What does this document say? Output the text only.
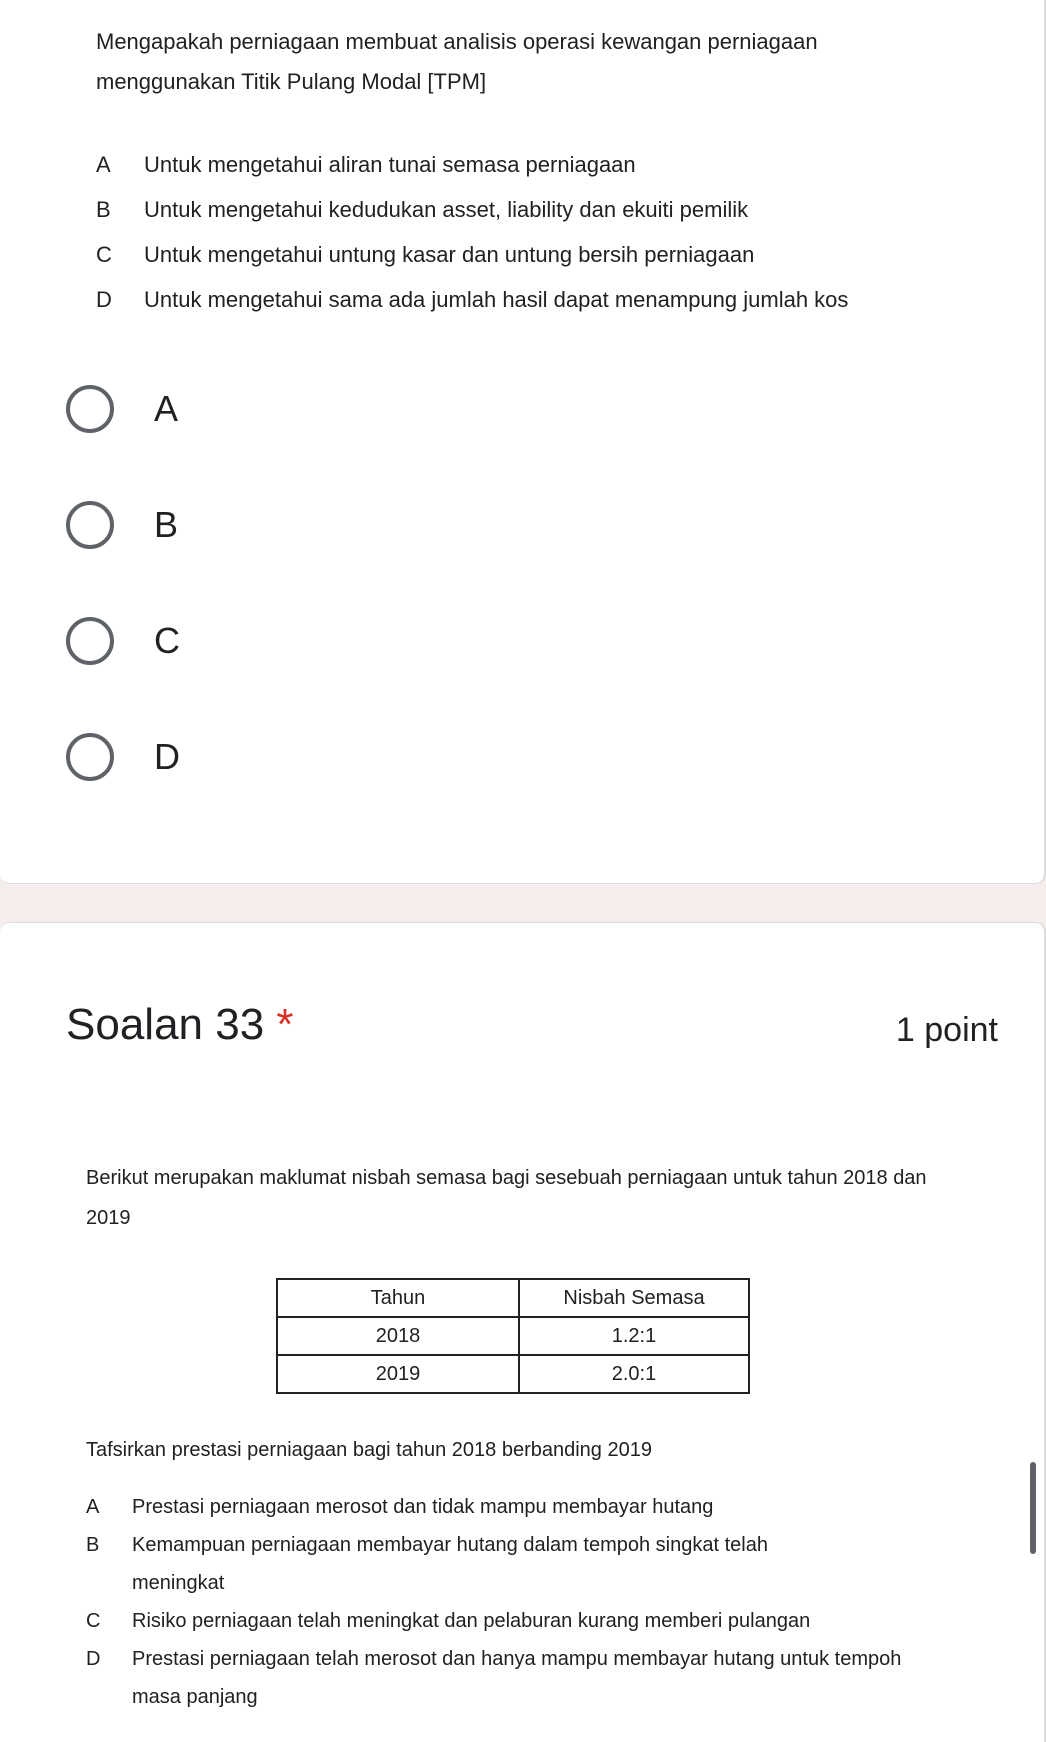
Mengapakah perniagaan membuat analisis operasi kewangan perniagaan menggunakan Titik Pulang Modal [TPM]
A	Untuk mengetahui aliran tunai semasa perniagaan
B	Untuk mengetahui kedudukan asset, liability dan ekuiti pemilik
C	Untuk mengetahui untung kasar dan untung bersih perniagaan
D	Untuk mengetahui sama ada jumlah hasil dapat menampung jumlah kos
A
B
C
D
Soalan 33 *	1 point
Berikut merupakan maklumat nisbah semasa bagi sesebuah perniagaan untuk tahun 2018 dan 2019
Tahun	Nisbah Semasa
2018	1.2:1
2019	2.0:1
Tafsirkan prestasi perniagaan bagi tahun 2018 berbanding 2019
A	Prestasi perniagaan merosot dan tidak mampu membayar hutang
B	Kemampuan perniagaan membayar hutang dalam tempoh singkat telah meningkat
C	Risiko perniagaan telah meningkat dan pelaburan kurang memberi pulangan
D	Prestasi perniagaan telah merosot dan hanya mampu membayar hutang untuk tempoh masa panjang
